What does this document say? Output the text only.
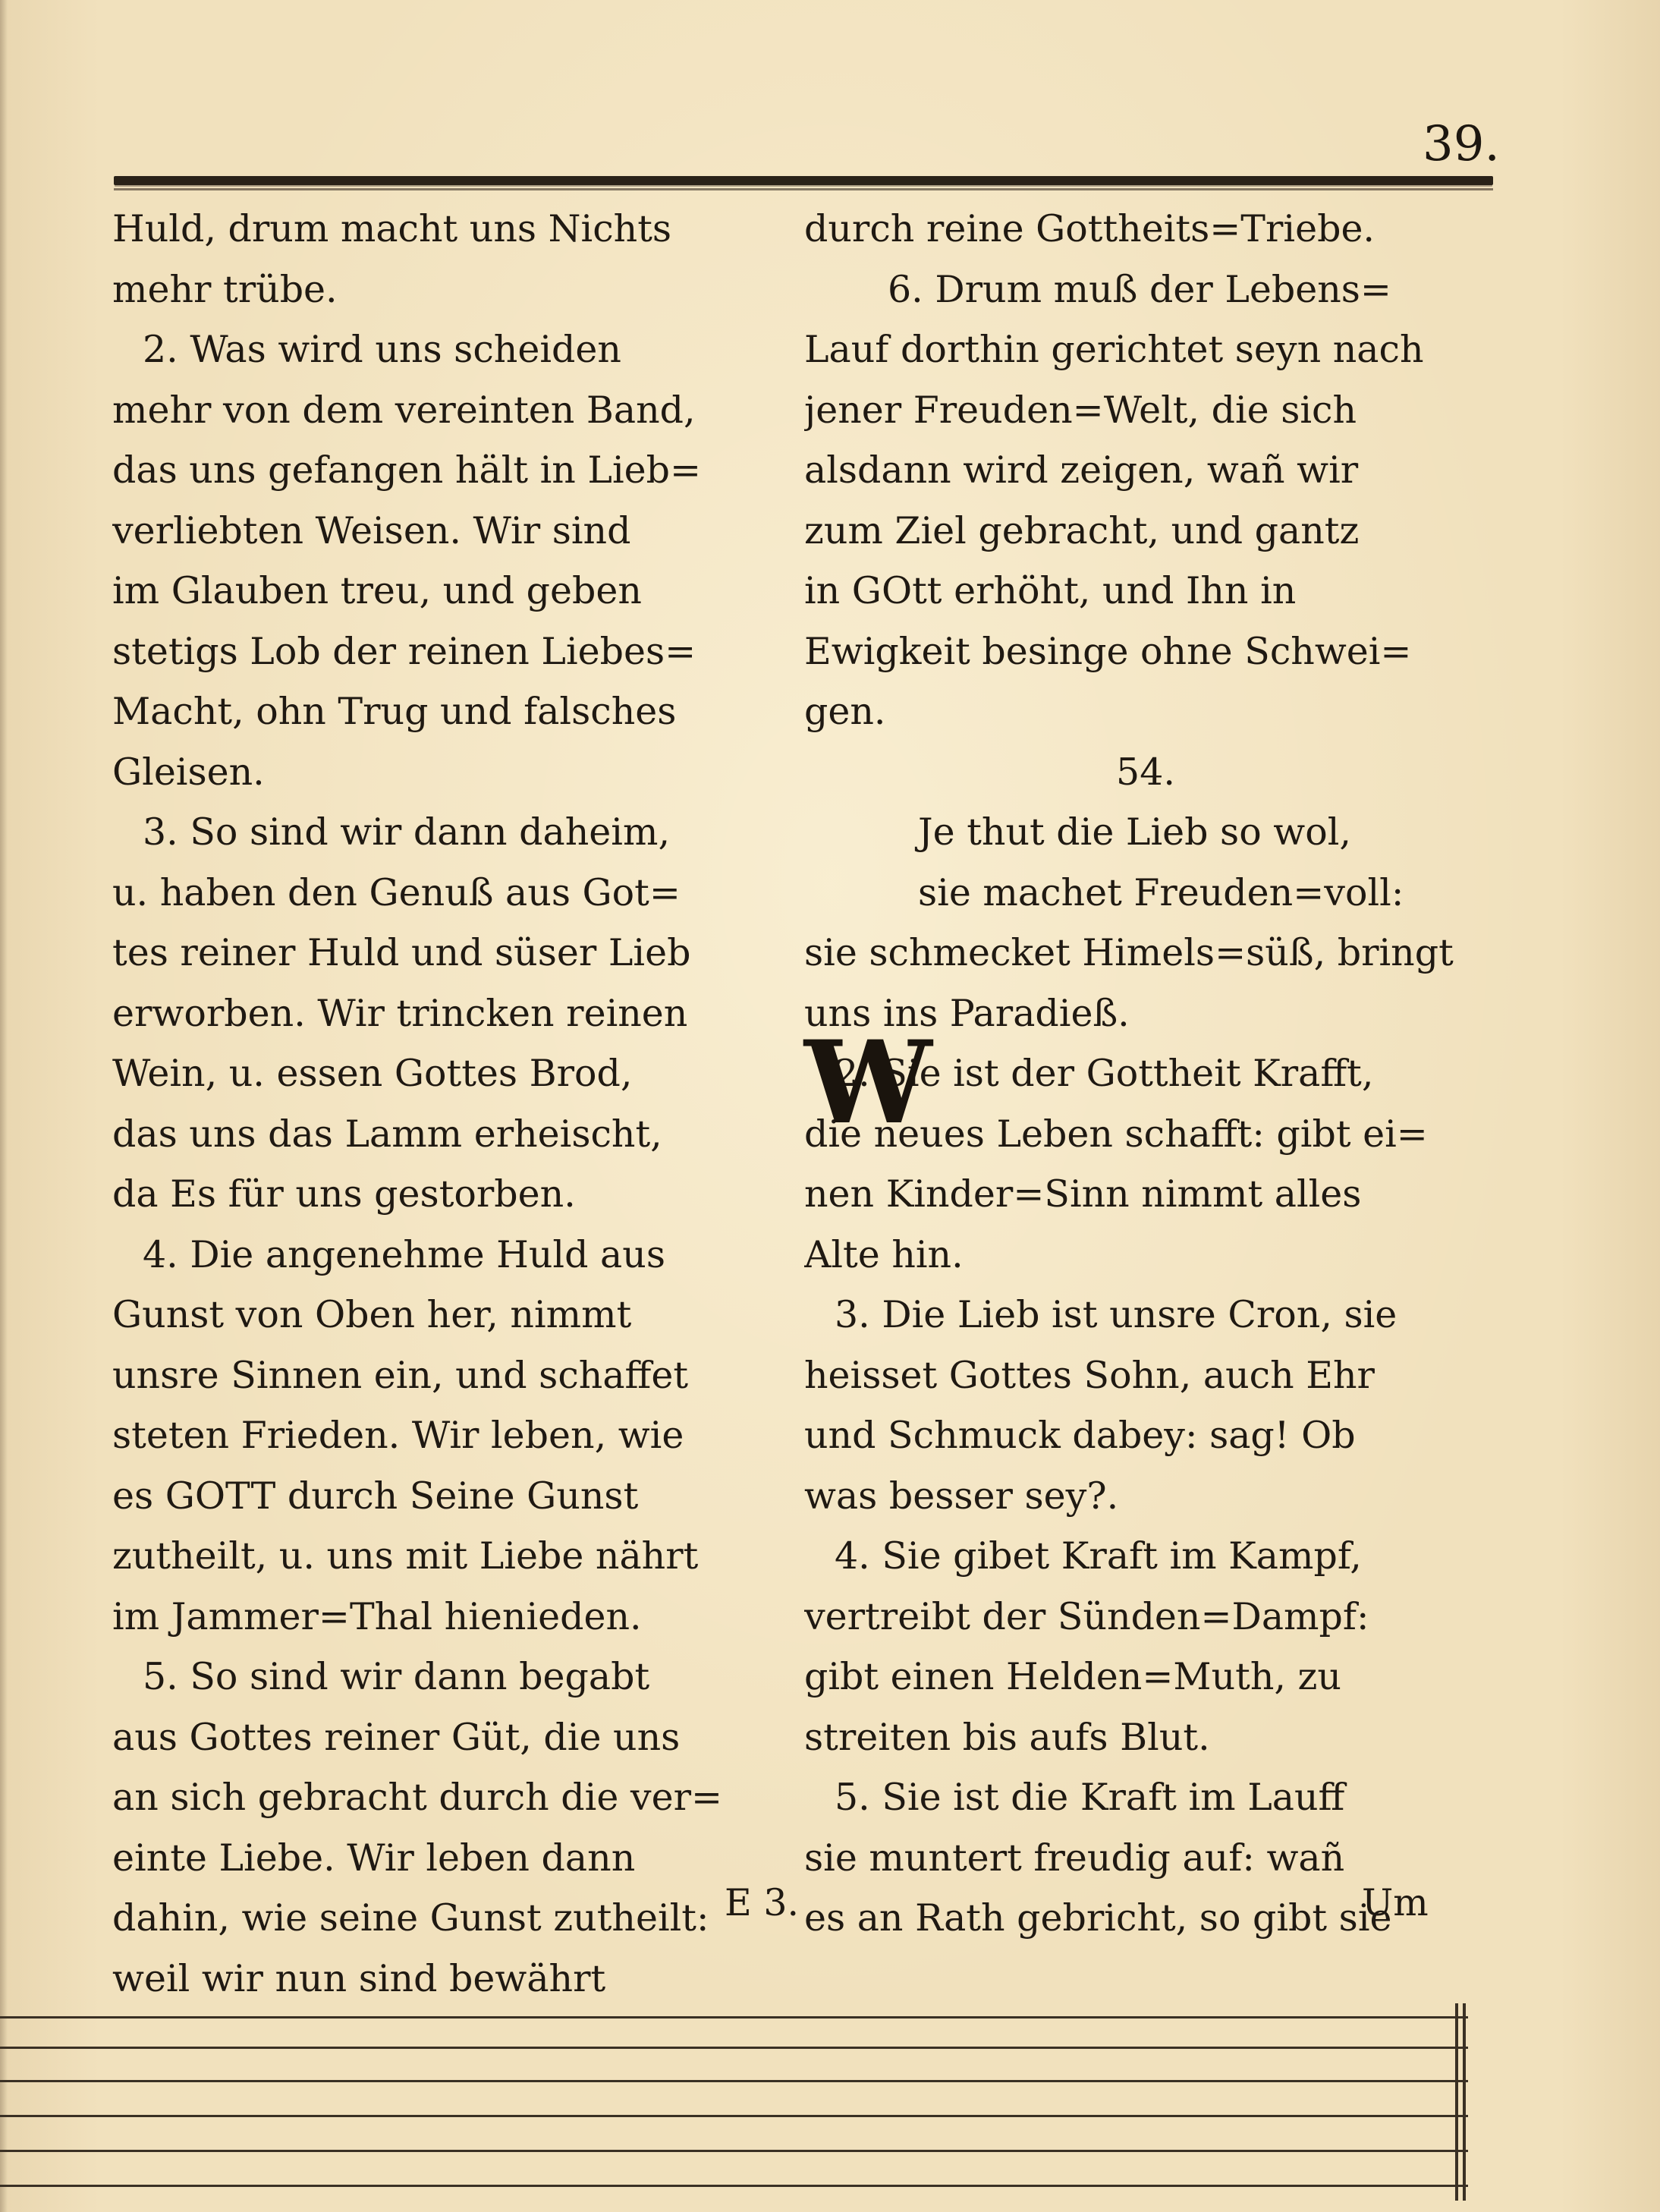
39.
Huld, drum macht uns Nichts
mehr trübe.
2. Was wird uns scheiden
mehr von dem vereinten Band,
das uns gefangen hält in Lieb=
verliebten Weisen. Wir sind
im Glauben treu, und geben
stetigs Lob der reinen Liebes=
Macht, ohn Trug und falsches
Gleisen.
3. So sind wir dann daheim,
u. haben den Genuß aus Got=
tes reiner Huld und süser Lieb
erworben. Wir trincken reinen
Wein, u. essen Gottes Brod,
das uns das Lamm erheischt,
da Es für uns gestorben.
4. Die angenehme Huld aus
Gunst von Oben her, nimmt
unsre Sinnen ein, und schaffet
steten Frieden. Wir leben, wie
es GOTT durch Seine Gunst
zutheilt, u. uns mit Liebe nährt
im Jammer=Thal hienieden.
5. So sind wir dann begabt
aus Gottes reiner Güt, die uns
an sich gebracht durch die ver=
einte Liebe. Wir leben dann
dahin, wie seine Gunst zutheilt:
weil wir nun sind bewährt
durch reine Gottheits=Triebe.
6. Drum muß der Lebens=
Lauf dorthin gerichtet seyn nach
jener Freuden=Welt, die sich
alsdann wird zeigen, wañ wir
zum Ziel gebracht, und gantz
in GOtt erhöht, und Ihn in
Ewigkeit besinge ohne Schwei=
gen.
54.
Je thut die Lieb so wol,
sie machet Freuden=voll:
sie schmecket Himels=süß, bringt
uns ins Paradieß.
2. Sie ist der Gottheit Krafft,
die neues Leben schafft: gibt ei=
nen Kinder=Sinn nimmt alles
Alte hin.
3. Die Lieb ist unsre Cron, sie
heisset Gottes Sohn, auch Ehr
und Schmuck dabey: sag! Ob
was besser sey?.
4. Sie gibet Kraft im Kampf,
vertreibt der Sünden=Dampf:
gibt einen Helden=Muth, zu
streiten bis aufs Blut.
5. Sie ist die Kraft im Lauff
sie muntert freudig auf: wañ
es an Rath gebricht, so gibt sie
W
E 3.	Um
